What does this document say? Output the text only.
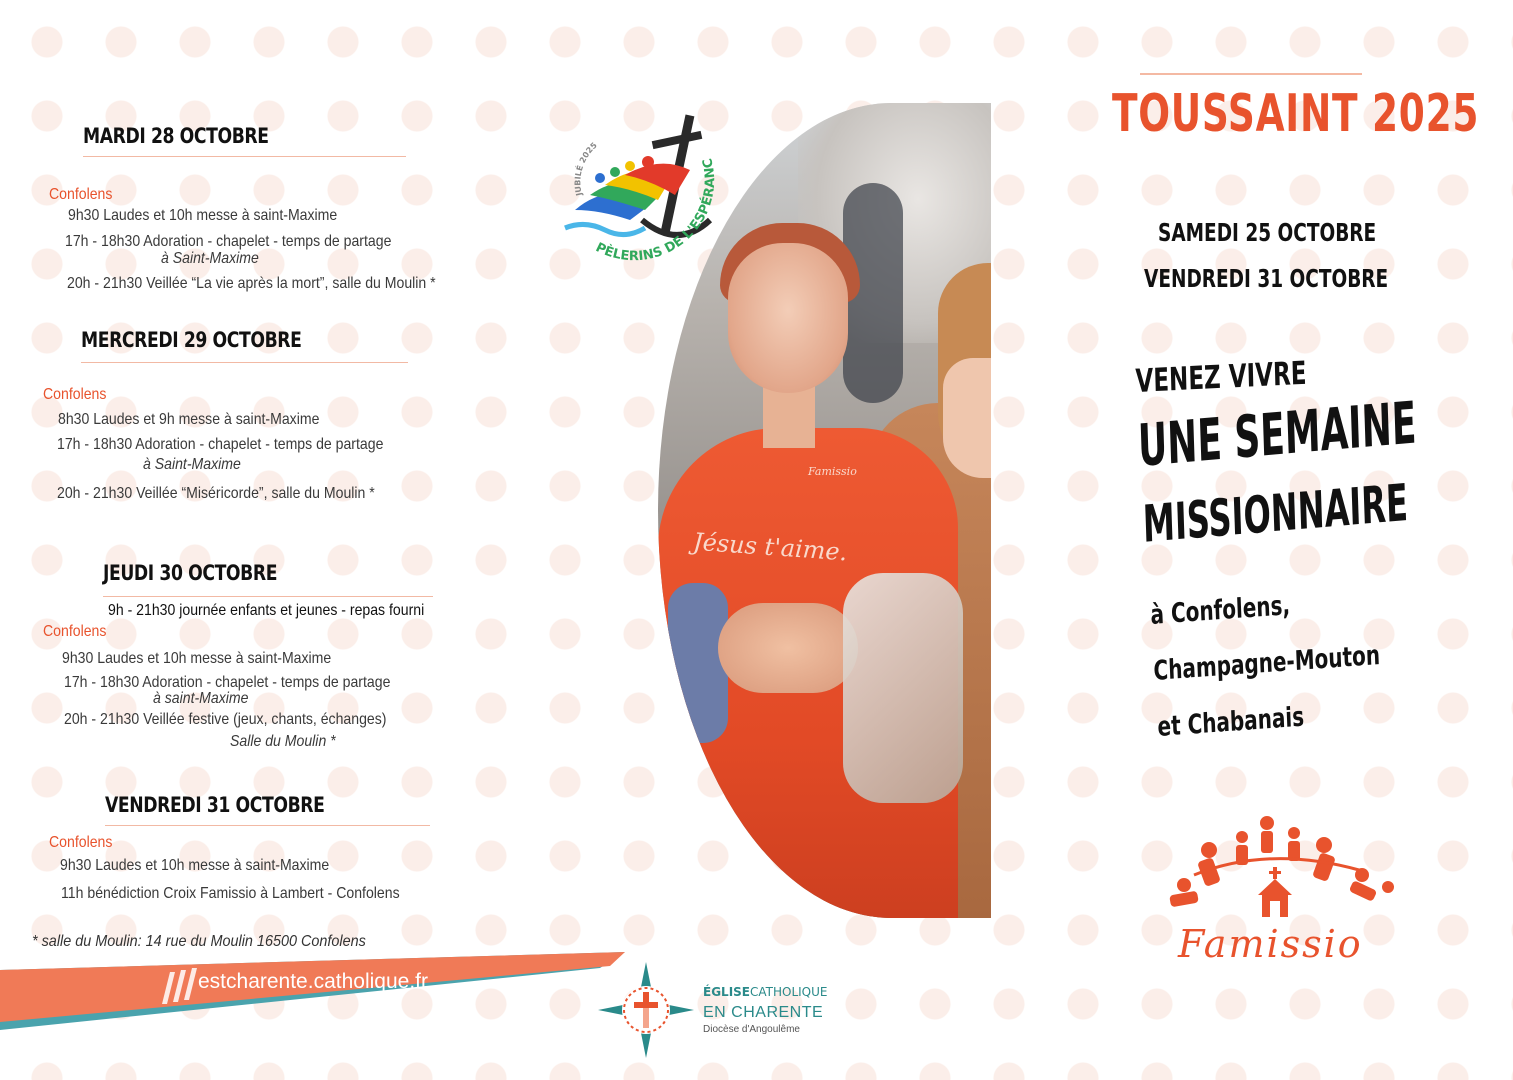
MARDI 28 OCTOBRE
Confolens
9h30 Laudes et 10h messe à saint-Maxime
17h - 18h30 Adoration - chapelet - temps de partage
à Saint-Maxime
20h - 21h30 Veillée “La vie après la mort”, salle du Moulin *
MERCREDI 29 OCTOBRE
Confolens
8h30 Laudes et 9h messe à saint-Maxime
17h - 18h30 Adoration - chapelet - temps de partage
à Saint-Maxime
20h - 21h30 Veillée “Miséricorde”, salle du Moulin *
JEUDI 30 OCTOBRE
9h - 21h30 journée enfants et jeunes - repas fourni
Confolens
9h30 Laudes et 10h messe à saint-Maxime
17h - 18h30 Adoration - chapelet - temps de partage
à saint-Maxime
20h - 21h30 Veillée festive (jeux, chants, échanges)
Salle du Moulin *
VENDREDI 31 OCTOBRE
Confolens
9h30 Laudes et 10h messe à saint-Maxime
11h bénédiction Croix Famissio à Lambert - Confolens
* salle du Moulin: 14 rue du Moulin 16500 Confolens
estcharente.catholique.fr
JUBILÉ 2025
PÈLERINS DE L'ESPÉRANC
Famissio
Jésus t'aime.
ÉGLISECATHOLIQUE
EN CHARENTE
Diocèse d'Angoulême
TOUSSAINT 2025
SAMEDI 25 OCTOBRE
VENDREDI 31 OCTOBRE
VENEZ VIVRE
UNE SEMAINE
MISSIONNAIRE
à Confolens,
Champagne-Mouton
et Chabanais
Famissio
